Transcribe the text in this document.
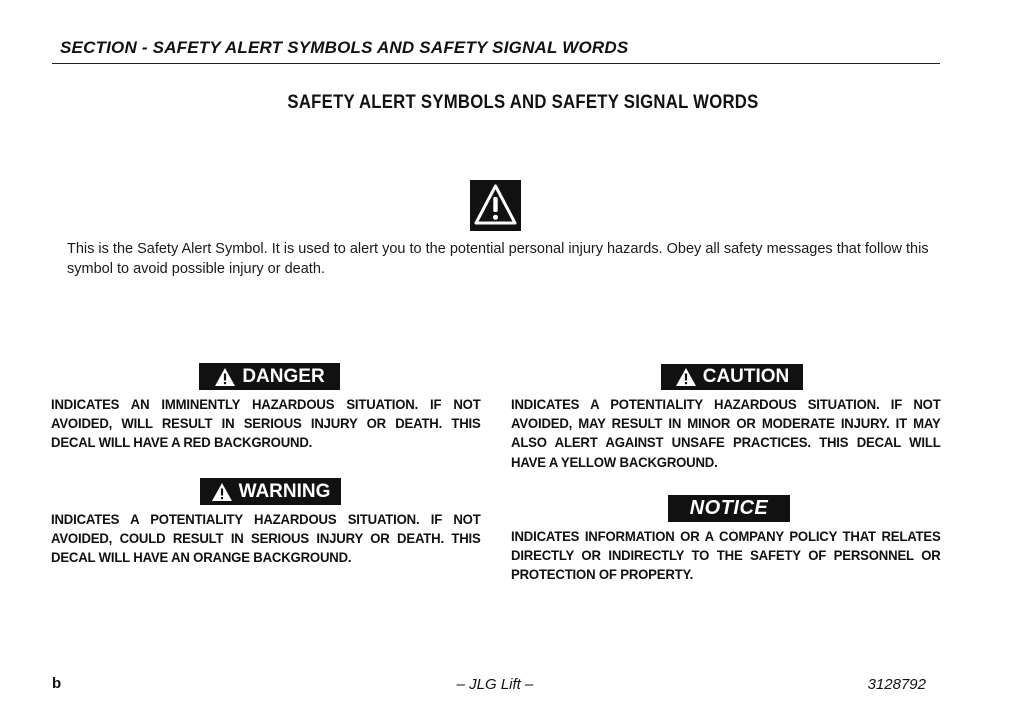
SECTION - SAFETY ALERT SYMBOLS AND SAFETY SIGNAL WORDS
SAFETY ALERT SYMBOLS AND SAFETY SIGNAL WORDS
This is the Safety Alert Symbol. It is used to alert you to the potential personal injury hazards. Obey all safety messages that follow this symbol to avoid possible injury or death.
DANGER
INDICATES AN IMMINENTLY HAZARDOUS SITUATION. IF NOT AVOIDED, WILL RESULT IN SERIOUS INJURY OR DEATH. THIS DECAL WILL HAVE A RED BACKGROUND.
CAUTION
INDICATES A POTENTIALITY HAZARDOUS SITUATION. IF NOT AVOIDED, MAY RESULT IN MINOR OR MODERATE INJURY. IT MAY ALSO ALERT AGAINST UNSAFE PRACTICES. THIS DECAL WILL HAVE A YELLOW BACKGROUND.
WARNING
INDICATES A POTENTIALITY HAZARDOUS SITUATION. IF NOT AVOIDED, COULD RESULT IN SERIOUS INJURY OR DEATH. THIS DECAL WILL HAVE AN ORANGE BACKGROUND.
NOTICE
INDICATES INFORMATION OR A COMPANY POLICY THAT RELATES DIRECTLY OR INDIRECTLY TO THE SAFETY OF PERSONNEL OR PROTECTION OF PROPERTY.
b	– JLG Lift –	3128792
